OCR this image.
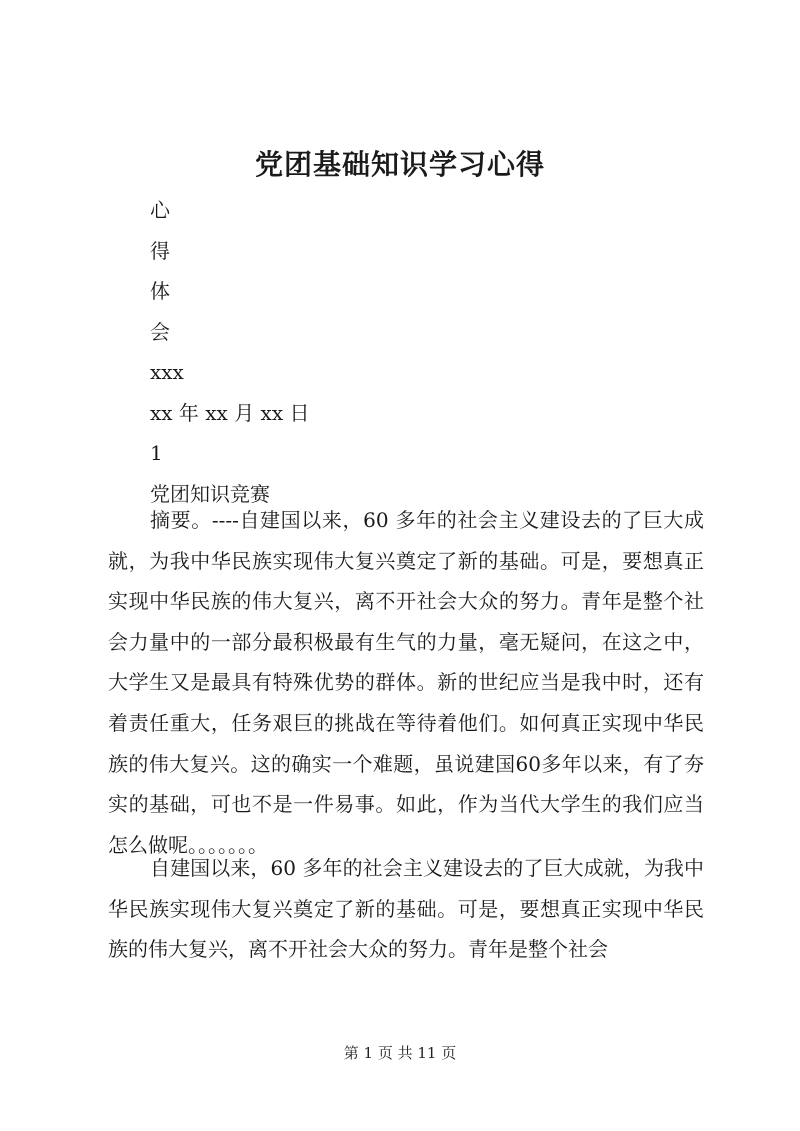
党团基础知识学习心得
心
得
体
会
xxx
xx 年 xx 月 xx 日
1
党团知识竞赛

摘要。----自建国以来，60 多年的社会主义建设去的了巨大成就，为我中华民族实现伟大复兴奠定了新的基础。可是，要想真正实现中华民族的伟大复兴，离不开社会大众的努力。青年是整个社会力量中的一部分最积极最有生气的力量，毫无疑问，在这之中，大学生又是最具有特殊优势的群体。新的世纪应当是我中时，还有着责任重大，任务艰巨的挑战在等待着他们。如何真正实现中华民族的伟大复兴。这的确实一个难题，虽说建国60多年以来，有了夯实的基础，可也不是一件易事。如此，作为当代大学生的我们应当怎么做呢。。。。。。。

自建国以来，60 多年的社会主义建设去的了巨大成就，为我中华民族实现伟大复兴奠定了新的基础。可是，要想真正实现中华民族的伟大复兴，离不开社会大众的努力。青年是整个社会

第 1 页 共 11 页
